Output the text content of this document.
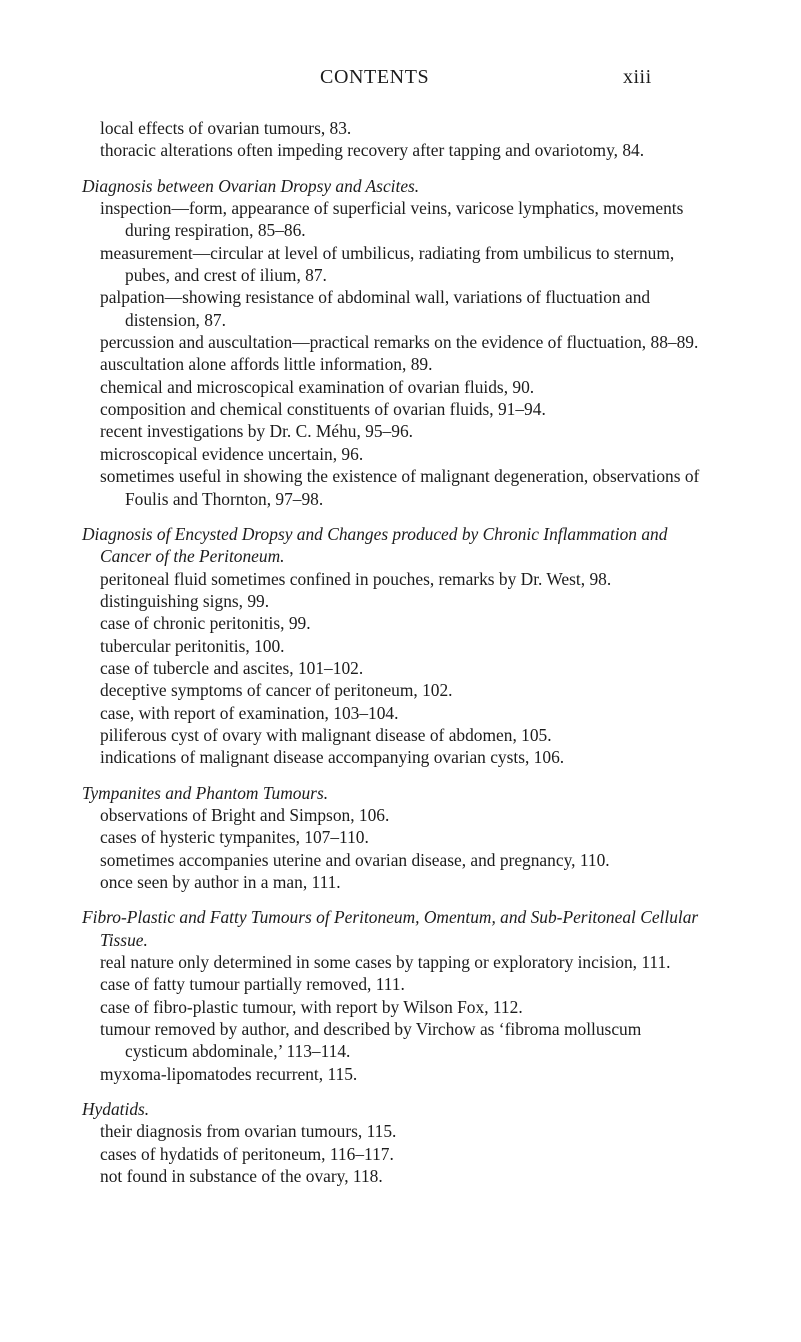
CONTENTS	xiii

local effects of ovarian tumours, 83.

thoracic alterations often impeding recovery after tapping and ovariotomy, 84.

Diagnosis between Ovarian Dropsy and Ascites.

inspection—form, appearance of superficial veins, varicose lymphatics, movements during respiration, 85–86.

measurement—circular at level of umbilicus, radiating from umbilicus to sternum, pubes, and crest of ilium, 87.

palpation—showing resistance of abdominal wall, variations of fluctuation and distension, 87.

percussion and auscultation—practical remarks on the evidence of fluctuation, 88–89.

auscultation alone affords little information, 89.

chemical and microscopical examination of ovarian fluids, 90.

composition and chemical constituents of ovarian fluids, 91–94.

recent investigations by Dr. C. Méhu, 95–96.

microscopical evidence uncertain, 96.

sometimes useful in showing the existence of malignant degeneration, observations of Foulis and Thornton, 97–98.

Diagnosis of Encysted Dropsy and Changes produced by Chronic Inflammation and Cancer of the Peritoneum.

peritoneal fluid sometimes confined in pouches, remarks by Dr. West, 98.

distinguishing signs, 99.

case of chronic peritonitis, 99.

tubercular peritonitis, 100.

case of tubercle and ascites, 101–102.

deceptive symptoms of cancer of peritoneum, 102.

case, with report of examination, 103–104.

piliferous cyst of ovary with malignant disease of abdomen, 105.

indications of malignant disease accompanying ovarian cysts, 106.

Tympanites and Phantom Tumours.

observations of Bright and Simpson, 106.

cases of hysteric tympanites, 107–110.

sometimes accompanies uterine and ovarian disease, and pregnancy, 110.

once seen by author in a man, 111.

Fibro-Plastic and Fatty Tumours of Peritoneum, Omentum, and Sub-Peritoneal Cellular Tissue.

real nature only determined in some cases by tapping or exploratory incision, 111.

case of fatty tumour partially removed, 111.

case of fibro-plastic tumour, with report by Wilson Fox, 112.

tumour removed by author, and described by Virchow as ‘fibroma molluscum cysticum abdominale,’ 113–114.

myxoma-lipomatodes recurrent, 115.

Hydatids.

their diagnosis from ovarian tumours, 115.

cases of hydatids of peritoneum, 116–117.

not found in substance of the ovary, 118.
